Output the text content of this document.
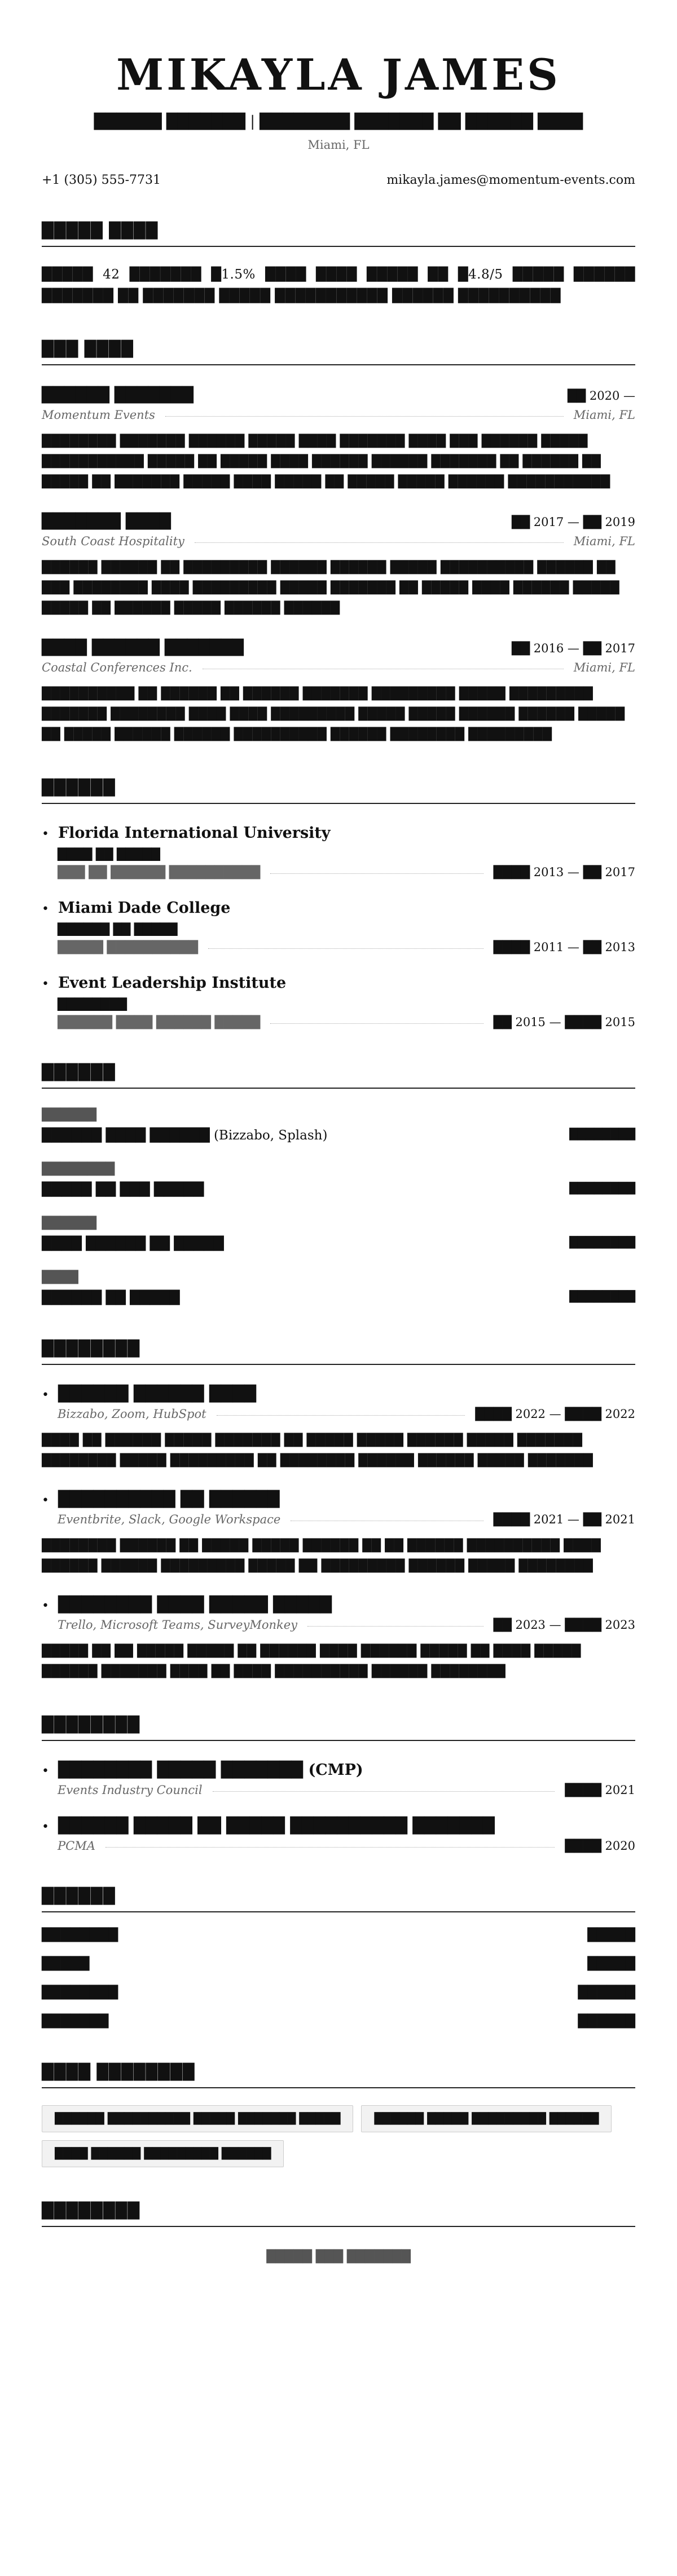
MIKAYLA JAMES
██████ ███████ | ████████ ███████ ██ ██████ ████
Miami, FL
+1 (305) 555-7731	mikayla.james@momentum-events.com
█████ ████
█████ 42 ███████ █1.5% ████ ████ █████ ██ █4.8/5 █████ ██████ ███████ ██ ███████ █████ ███████████ ██████ ██████████
███ ████
██████ ███████	██ 2020 —
Momentum Events	Miami, FL
████████ ███████ ██████ █████ ████ ███████ ████ ███ ██████ █████ ███████████ █████ ██ █████ ████ ██████ ██████ ███████ ██ ██████ ██ █████ ██ ███████ █████ ████ █████ ██ █████ █████ ██████ ███████████
███████ ████	██ 2017 — ██ 2019
South Coast Hospitality	Miami, FL
██████ ██████ ██ █████████ ██████ ██████ █████ ██████████ ██████ ██ ███ ████████ ████ █████████ █████ ███████ ██ █████ ████ ██████ █████ █████ ██ ██████ █████ ██████ ██████
████ ██████ ███████	██ 2016 — ██ 2017
Coastal Conferences Inc.	Miami, FL
██████████ ██ ██████ ██ ██████ ███████ █████████ █████ █████████ ███████ ████████ ████ ████ █████████ █████ █████ ██████ ██████ █████ ██ █████ ██████ ██████ ██████████ ██████ ████████ █████████
██████
• Florida International University
████ ██ █████
███ ██ ██████ ██████████	████ 2013 — ██ 2017
• Miami Dade College
██████ ██ █████
█████ ██████████	████ 2011 — ██ 2013
• Event Leadership Institute
████████
██████ ████ ██████ █████	██ 2015 — ████ 2015
██████
██████
██████ ████ ██████ (Bizzabo, Splash)	████████
████████
█████ ██ ███ █████	████████
██████
████ ██████ ██ █████	████████
████
██████ ██ █████	████████
████████
• ██████ ██████ ████
Bizzabo, Zoom, HubSpot	████ 2022 — ████ 2022
████ ██ ██████ █████ ███████ ██ █████ █████ ██████ █████ ███████ ████████ █████ █████████ ██ ████████ ██████ ██████ █████ ███████
• ██████████ ██ ██████
Eventbrite, Slack, Google Workspace	████ 2021 — ██ 2021
████████ ██████ ██ █████ █████ ██████ ██ ██ ██████ ██████████ ████ ██████ ██████ █████████ █████ ██ █████████ ██████ █████ ████████
• ████████ ████ █████ █████
Trello, Microsoft Teams, SurveyMonkey	██ 2023 — ████ 2023
█████ ██ ██ █████ █████ ██ ██████ ████ ██████ █████ ██ ████ █████ ██████ ███████ ████ ██ ████ ██████████ ██████ ████████
████████
• ████████ █████ ███████ (CMP)
Events Industry Council	████ 2021
• ██████ █████ ██ █████ ██████████ ███████
PCMA	████ 2020
██████
████████	█████
█████	█████
████████	██████
███████	██████
████ ████████
██████ ██████████ █████ ███████ █████	██████ █████ █████████ ██████
████ ██████ █████████ ██████
████████
█████ ███ ███████
